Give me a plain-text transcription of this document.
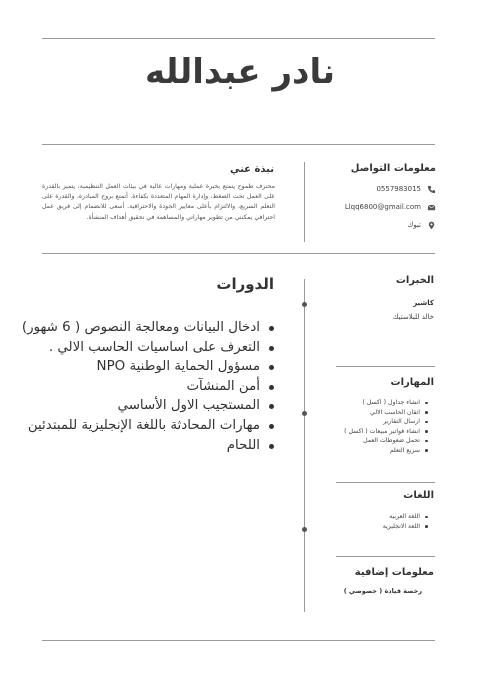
نادر عبدالله
معلومات التواصل
0557983015
Llqq6800@gmail.com
تبوك
نبذة عني
محترف طموح يتمتع بخبرة عملية ومهارات عالية في بيئات العمل التنظيمية، يتميز بالقدرة على العمل تحت الضغط، وإدارة المهام المتعددة بكفاءة. أتمتع بروح المبادرة، والقدرة على التعلم السريع، والالتزام بأعلى معايير الجودة والاحترافية. أسعى للانضمام إلى فريق عمل احترافي يمكنني من تطوير مهاراتي والمساهمة في تحقيق أهداف المنشأة.
الخبرات
كاشير
خالد للبلاستيك
الدورات
ادخال البيانات ومعالجة النصوص ( 6 شهور)
التعرف على اساسيات الحاسب الالي .
مسؤول الحماية الوطنية NPO
أمن المنشآت
المستجيب الاول الأساسي
مهارات المحادثة باللغة الإنجليزية للمبتدئين
اللحام
المهارات
انشاء جداول ( اكسل )
اتقان الحاسب الالي
ارسال التقارير
انشاء فواتير مبيعات ( اكسل )
تحمل ضغوطات العمل
سريع التعلم
اللغات
اللغة العربية
اللغة الانجليزية
معلومات إضافية
رخصة قيادة ( خصوصي )
